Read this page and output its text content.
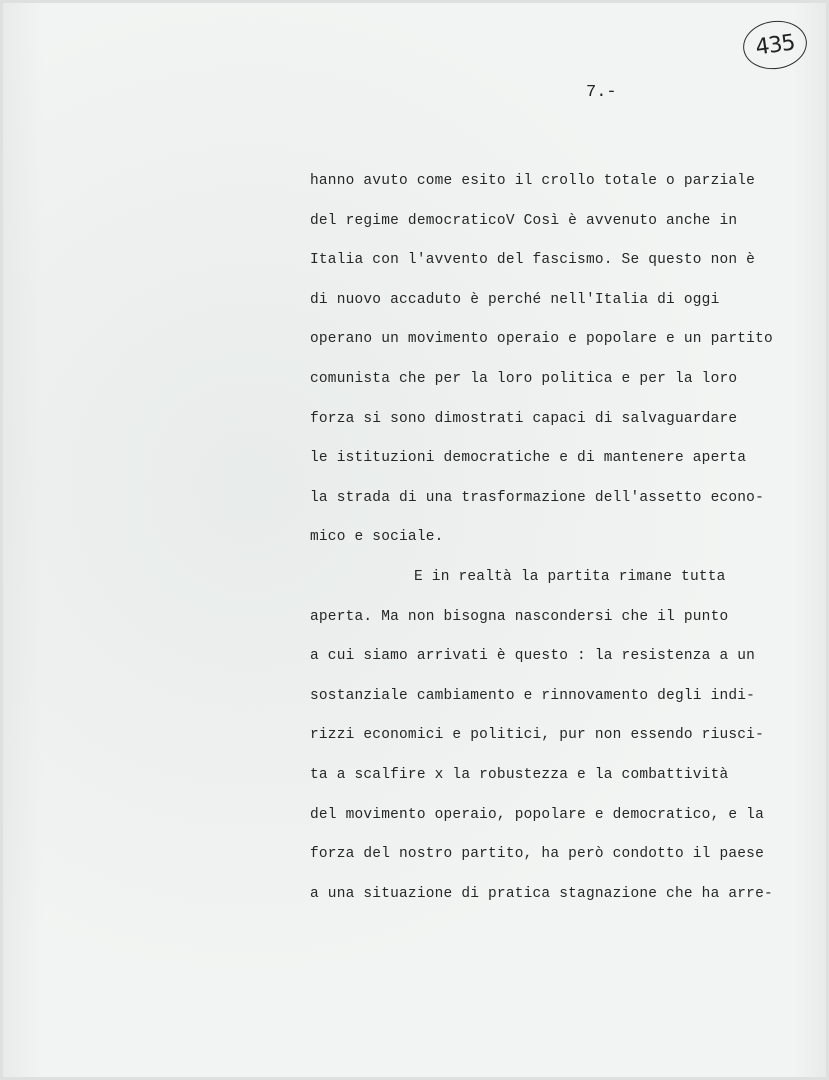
435
7.-
hanno avuto come esito il crollo totale o parziale
del regime democraticoV Così è avvenuto anche in
Italia con l'avvento del fascismo. Se questo non è
di nuovo accaduto è perché nell'Italia di oggi
operano un movimento operaio e popolare e un partito
comunista che per la loro politica e per la loro
forza si sono dimostrati capaci di salvaguardare
le istituzioni democratiche e di mantenere aperta
la strada di una trasformazione dell'assetto econo-
mico e sociale.
E in realtà la partita rimane tutta
aperta. Ma non bisogna nascondersi che il punto
a cui siamo arrivati è questo : la resistenza a un
sostanziale cambiamento e rinnovamento degli indi-
rizzi economici e politici, pur non essendo riusci-
ta a scalfire x la robustezza e la combattività
del movimento operaio, popolare e democratico, e la
forza del nostro partito, ha però condotto il paese
a una situazione di pratica stagnazione che ha arre-
